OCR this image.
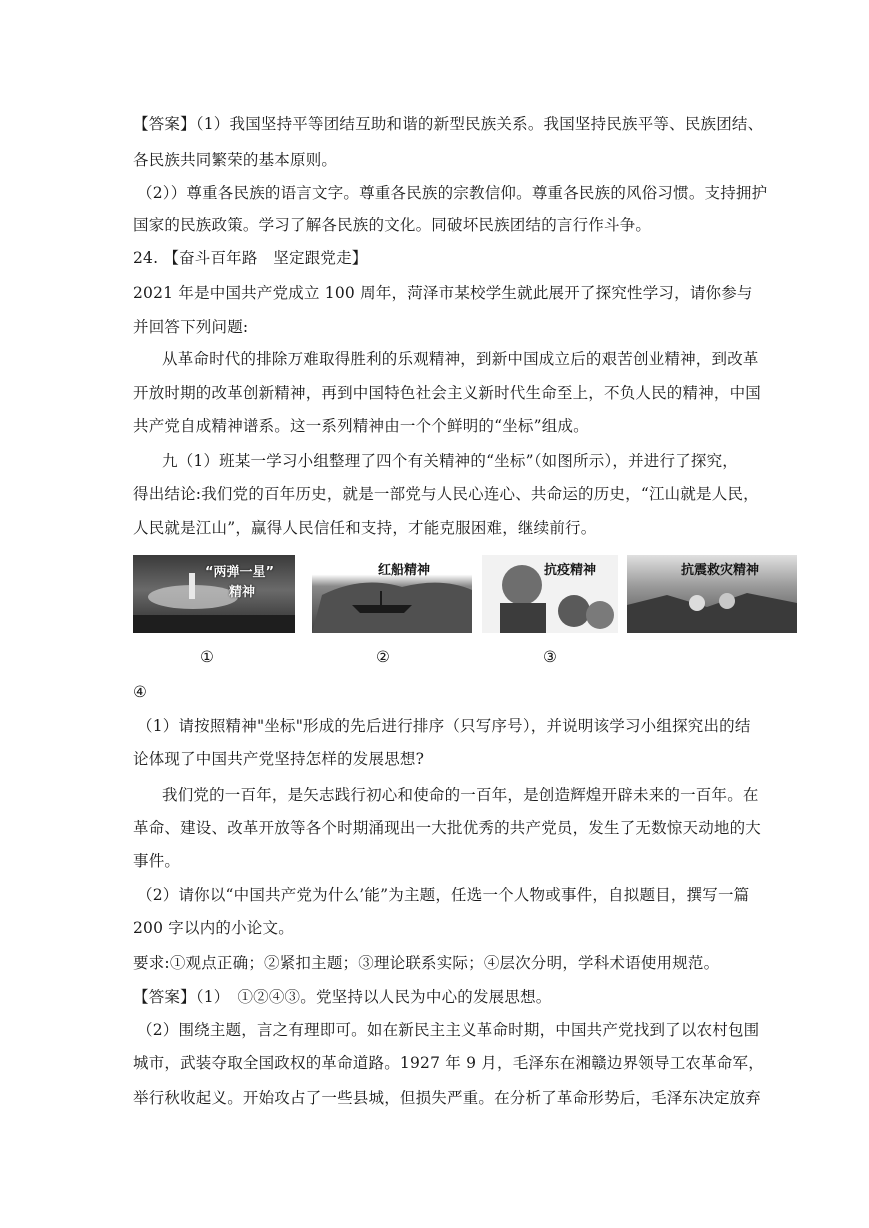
【答案】（1）我国坚持平等团结互助和谐的新型民族关系。我国坚持民族平等、民族团结、
各民族共同繁荣的基本原则。
（2））尊重各民族的语言文字。尊重各民族的宗教信仰。尊重各民族的风俗习惯。支持拥护
国家的民族政策。学习了解各民族的文化。同破坏民族团结的言行作斗争。
24. 【奋斗百年路　坚定跟党走】
2021 年是中国共产党成立 100 周年，菏泽市某校学生就此展开了探究性学习，请你参与
并回答下列问题:
从革命时代的排除万难取得胜利的乐观精神，到新中国成立后的艰苦创业精神，到改革
开放时期的改革创新精神，再到中国特色社会主义新时代生命至上，不负人民的精神，中国
共产党自成精神谱系。这一系列精神由一个个鲜明的“坐标”组成。
九（1）班某一学习小组整理了四个有关精神的“坐标”（如图所示），并进行了探究，
得出结论:我们党的百年历史，就是一部党与人民心连心、共命运的历史，“江山就是人民，
人民就是江山”，赢得人民信任和支持，才能克服困难，继续前行。
“两弹一星”
精神
红船精神	抗疫精神	抗震救灾精神
①	②	③
④
（1）请按照精神"坐标"形成的先后进行排序（只写序号），并说明该学习小组探究出的结
论体现了中国共产党坚持怎样的发展思想?
我们党的一百年，是矢志践行初心和使命的一百年，是创造辉煌开辟未来的一百年。在
革命、建设、改革开放等各个时期涌现出一大批优秀的共产党员，发生了无数惊天动地的大
事件。
（2）请你以“中国共产党为什么’能”为主题，任选一个人物或事件，自拟题目，撰写一篇
200 字以内的小论文。
要求:①观点正确；②紧扣主题；③理论联系实际；④层次分明，学科术语使用规范。
【答案】（1）　①②④③。党坚持以人民为中心的发展思想。
（2）围绕主题，言之有理即可。如在新民主主义革命时期，中国共产党找到了以农村包围
城市，武装夺取全国政权的革命道路。1927 年 9 月，毛泽东在湘赣边界领导工农革命军，
举行秋收起义。开始攻占了一些县城，但损失严重。在分析了革命形势后，毛泽东决定放弃
